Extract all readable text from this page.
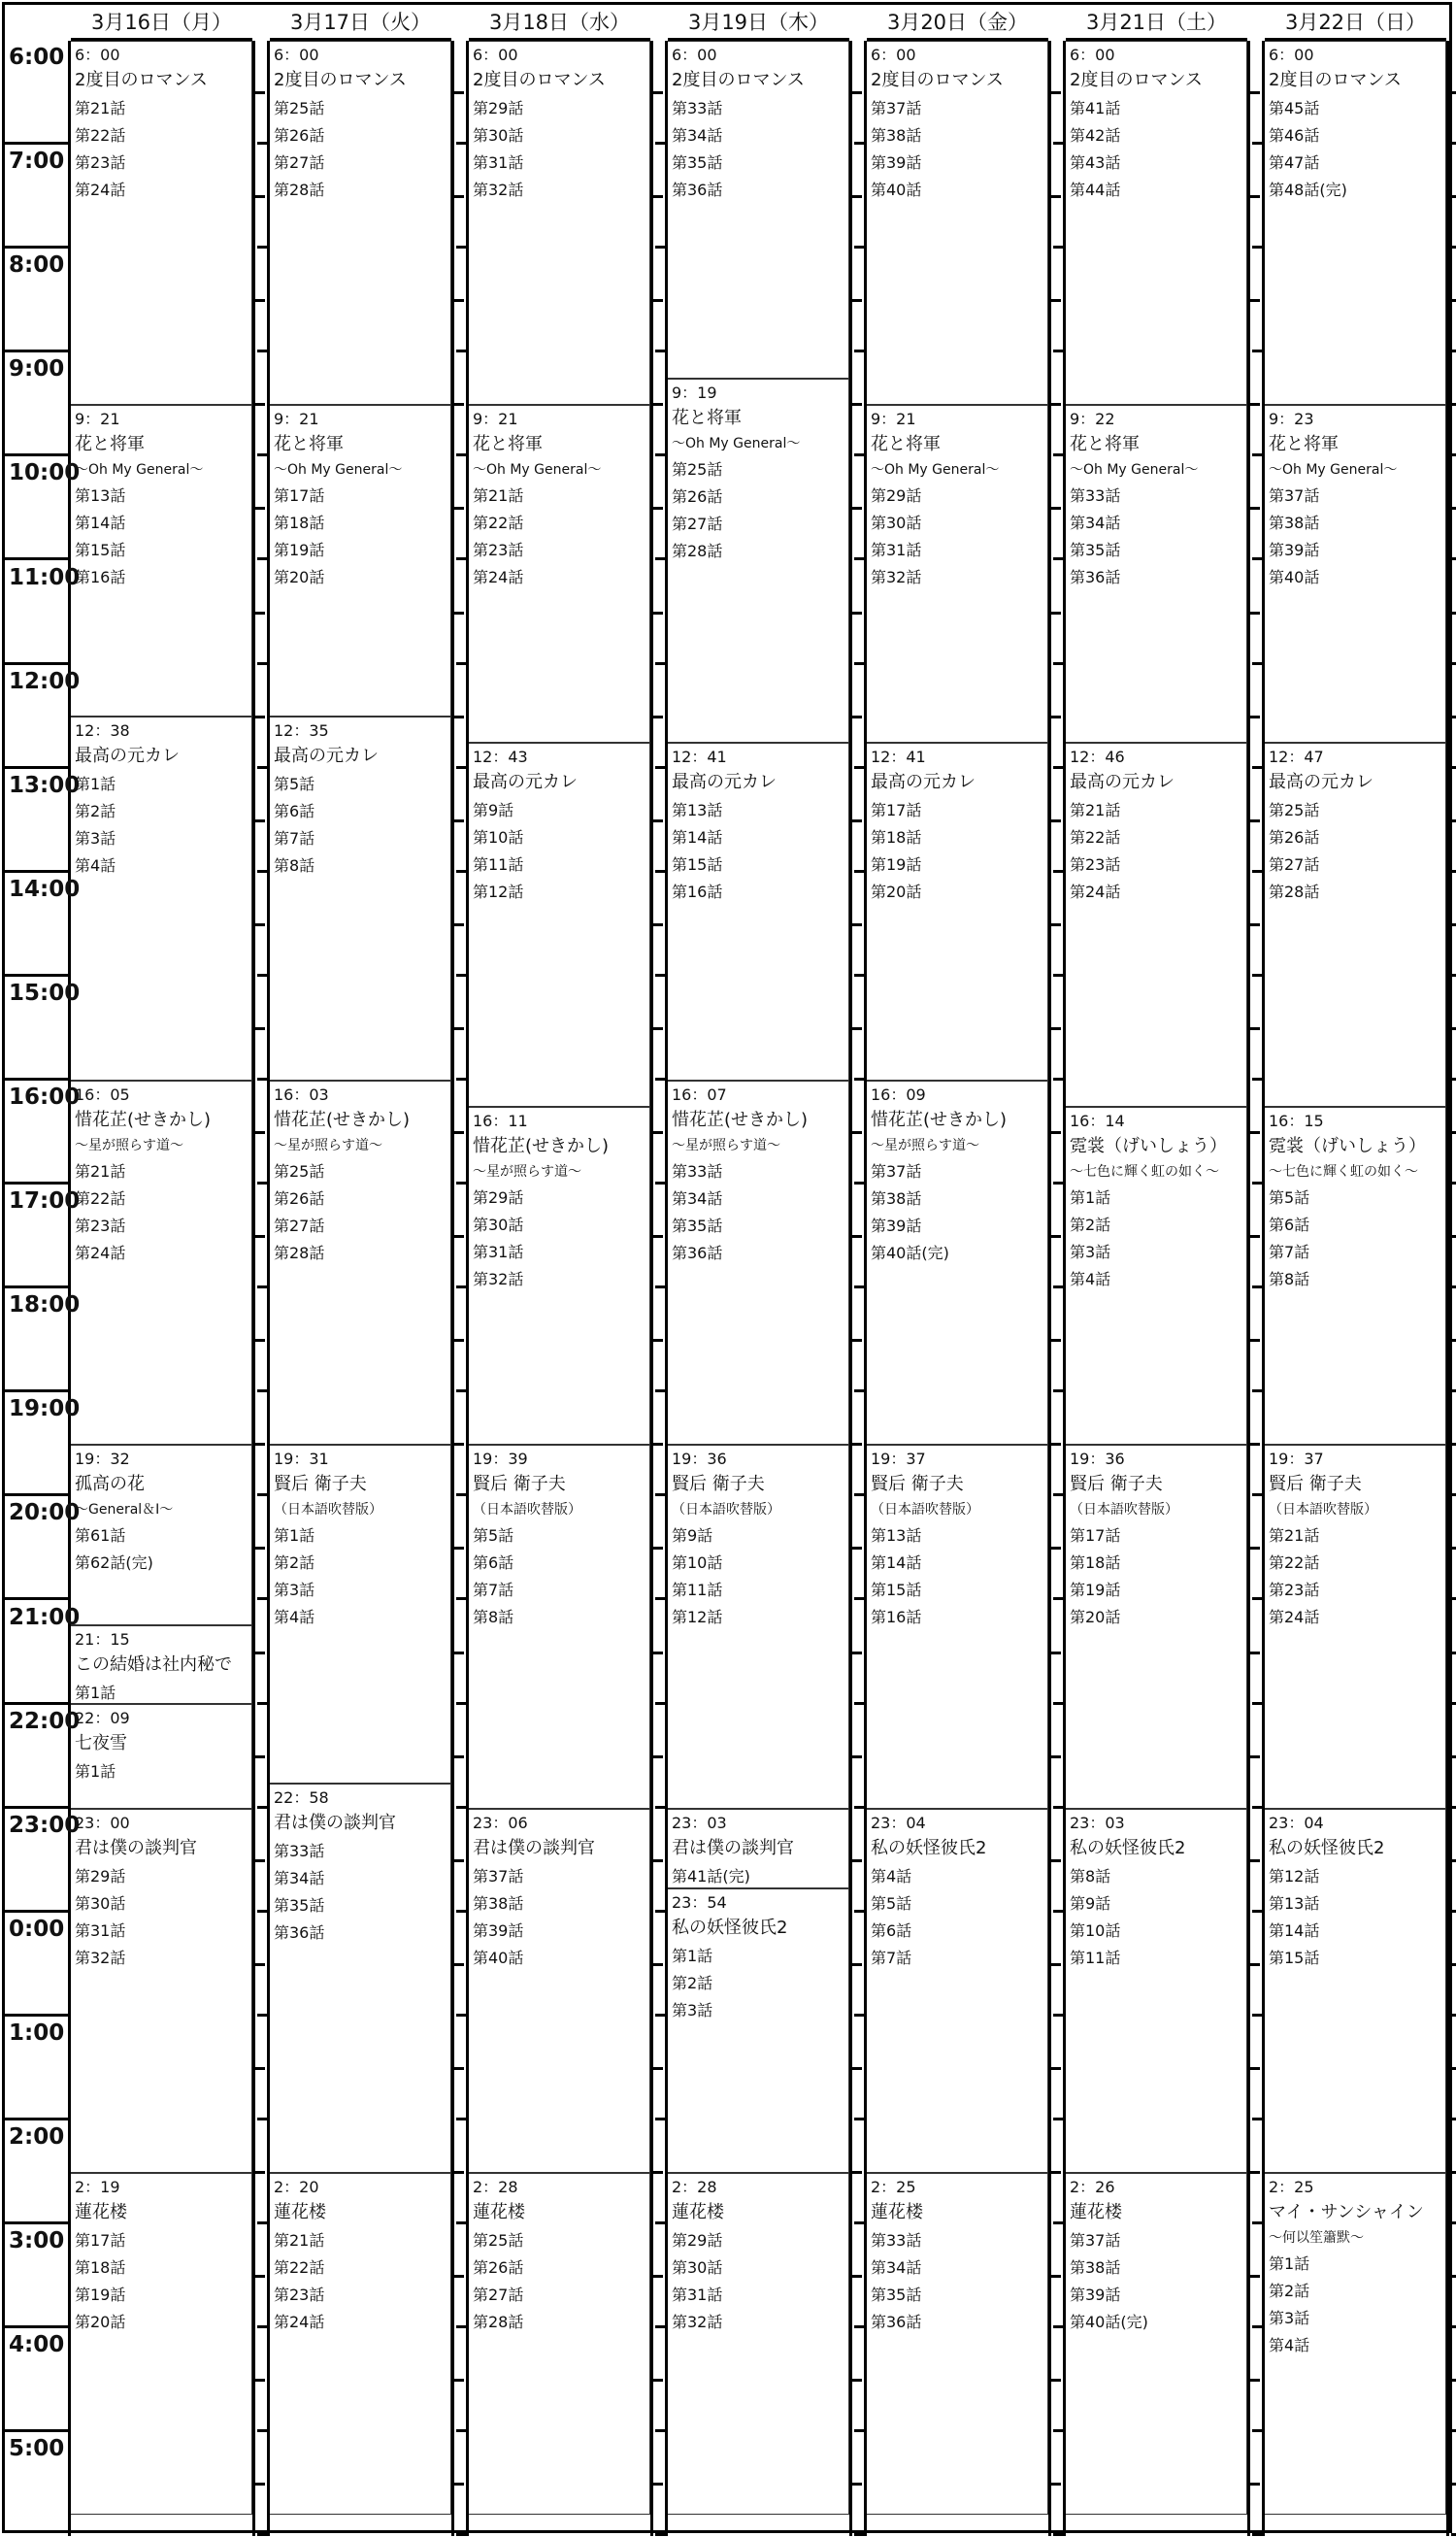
6:00
7:00
8:00
9:00
10:00
11:00
12:00
13:00
14:00
15:00
16:00
17:00
18:00
19:00
20:00
21:00
22:00
23:00
0:00
1:00
2:00
3:00
4:00
5:00
3月16日（月）
6：00
2度目のロマンス
第21話
第22話
第23話
第24話
9：21
花と将軍
～Oh My General～
第13話
第14話
第15話
第16話
12：38
最高の元カレ
第1話
第2話
第3話
第4話
16：05
惜花芷(せきかし)
～星が照らす道～
第21話
第22話
第23話
第24話
19：32
孤高の花
～General＆I～
第61話
第62話(完)
21：15
この結婚は社内秘で
第1話
22：09
七夜雪
第1話
23：00
君は僕の談判官
第29話
第30話
第31話
第32話
2：19
蓮花楼
第17話
第18話
第19話
第20話
3月17日（火）
6：00
2度目のロマンス
第25話
第26話
第27話
第28話
9：21
花と将軍
～Oh My General～
第17話
第18話
第19話
第20話
12：35
最高の元カレ
第5話
第6話
第7話
第8話
16：03
惜花芷(せきかし)
～星が照らす道～
第25話
第26話
第27話
第28話
19：31
賢后 衛子夫
（日本語吹替版）
第1話
第2話
第3話
第4話
22：58
君は僕の談判官
第33話
第34話
第35話
第36話
2：20
蓮花楼
第21話
第22話
第23話
第24話
3月18日（水）
6：00
2度目のロマンス
第29話
第30話
第31話
第32話
9：21
花と将軍
～Oh My General～
第21話
第22話
第23話
第24話
12：43
最高の元カレ
第9話
第10話
第11話
第12話
16：11
惜花芷(せきかし)
～星が照らす道～
第29話
第30話
第31話
第32話
19：39
賢后 衛子夫
（日本語吹替版）
第5話
第6話
第7話
第8話
23：06
君は僕の談判官
第37話
第38話
第39話
第40話
2：28
蓮花楼
第25話
第26話
第27話
第28話
3月19日（木）
6：00
2度目のロマンス
第33話
第34話
第35話
第36話
9：19
花と将軍
～Oh My General～
第25話
第26話
第27話
第28話
12：41
最高の元カレ
第13話
第14話
第15話
第16話
16：07
惜花芷(せきかし)
～星が照らす道～
第33話
第34話
第35話
第36話
19：36
賢后 衛子夫
（日本語吹替版）
第9話
第10話
第11話
第12話
23：03
君は僕の談判官
第41話(完)
23：54
私の妖怪彼氏2
第1話
第2話
第3話
2：28
蓮花楼
第29話
第30話
第31話
第32話
3月20日（金）
6：00
2度目のロマンス
第37話
第38話
第39話
第40話
9：21
花と将軍
～Oh My General～
第29話
第30話
第31話
第32話
12：41
最高の元カレ
第17話
第18話
第19話
第20話
16：09
惜花芷(せきかし)
～星が照らす道～
第37話
第38話
第39話
第40話(完)
19：37
賢后 衛子夫
（日本語吹替版）
第13話
第14話
第15話
第16話
23：04
私の妖怪彼氏2
第4話
第5話
第6話
第7話
2：25
蓮花楼
第33話
第34話
第35話
第36話
3月21日（土）
6：00
2度目のロマンス
第41話
第42話
第43話
第44話
9：22
花と将軍
～Oh My General～
第33話
第34話
第35話
第36話
12：46
最高の元カレ
第21話
第22話
第23話
第24話
16：14
霓裳（げいしょう）
～七色に輝く虹の如く～
第1話
第2話
第3話
第4話
19：36
賢后 衛子夫
（日本語吹替版）
第17話
第18話
第19話
第20話
23：03
私の妖怪彼氏2
第8話
第9話
第10話
第11話
2：26
蓮花楼
第37話
第38話
第39話
第40話(完)
3月22日（日）
6：00
2度目のロマンス
第45話
第46話
第47話
第48話(完)
9：23
花と将軍
～Oh My General～
第37話
第38話
第39話
第40話
12：47
最高の元カレ
第25話
第26話
第27話
第28話
16：15
霓裳（げいしょう）
～七色に輝く虹の如く～
第5話
第6話
第7話
第8話
19：37
賢后 衛子夫
（日本語吹替版）
第21話
第22話
第23話
第24話
23：04
私の妖怪彼氏2
第12話
第13話
第14話
第15話
2：25
マイ・サンシャイン
～何以笙簫默～
第1話
第2話
第3話
第4話
